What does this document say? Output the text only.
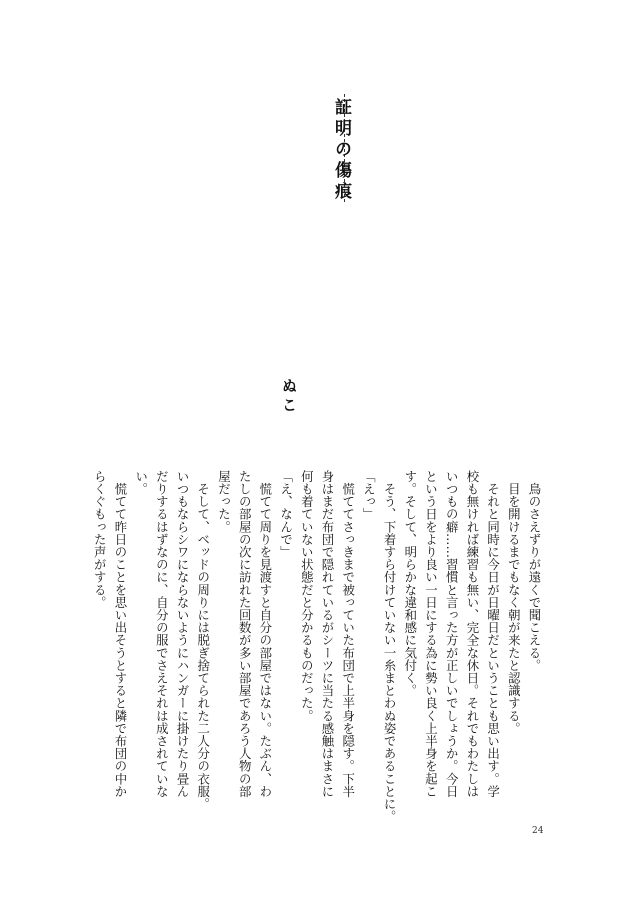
証明の傷痕
ぬこ
　鳥のさえずりが遠くで聞こえる。
　目を開けるまでもなく朝が来たと認識する。
　それと同時に今日が日曜日だということも思い出す。学
校も無ければ練習も無い、完全な休日。それでもわたしは
いつもの癖……習慣と言った方が正しいでしょうか。今日
という日をより良い一日にする為に勢い良く上半身を起こ
す。そして、明らかな違和感に気付く。
　そう、下着すら付けていない一糸まとわぬ姿であることに。
「えっ」
　慌ててさっきまで被っていた布団で上半身を隠す。下半
身はまだ布団で隠れているがシーツに当たる感触はまさに
何も着ていない状態だと分かるものだった。
「え、なんで」
　慌てて周りを見渡すと自分の部屋ではない。たぶん、わ
たしの部屋の次に訪れた回数が多い部屋であろう人物の部
屋だった。
　そして、ベッドの周りには脱ぎ捨てられた二人分の衣服。
いつもならシワにならないようにハンガーに掛けたり畳ん
だりするはずなのに、自分の服でさえそれは成されていな
い。
　慌てて昨日のことを思い出そうとすると隣で布団の中か
らくぐもった声がする。
24
